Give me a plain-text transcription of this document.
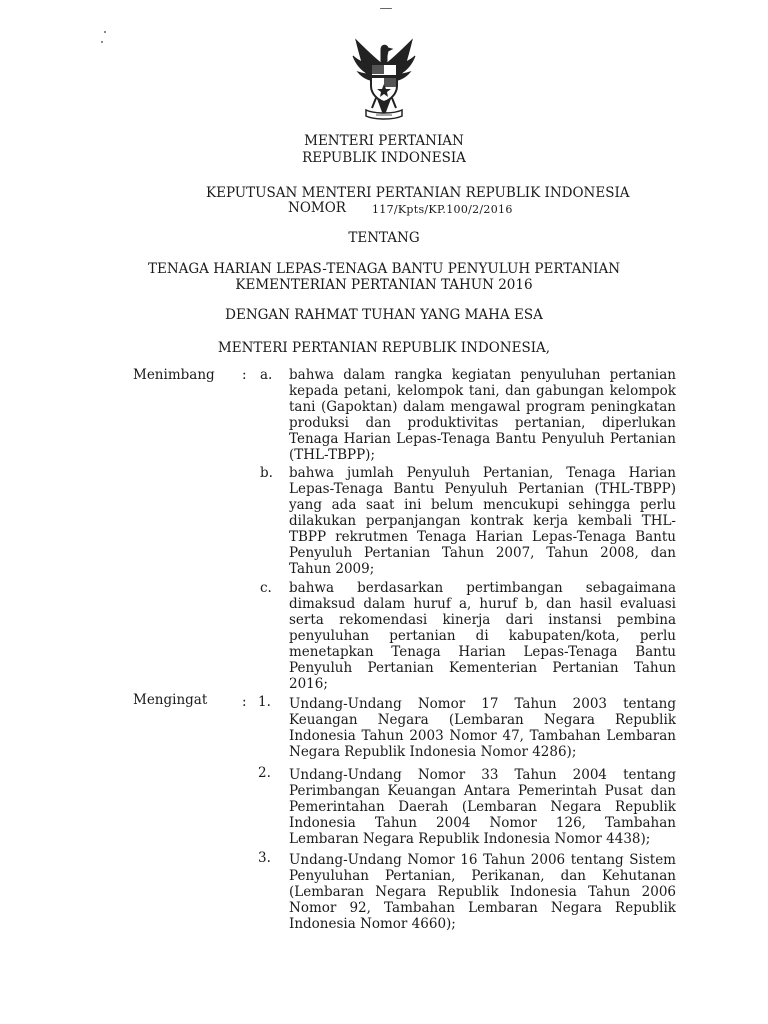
MENTERI PERTANIAN
REPUBLIK INDONESIA
KEPUTUSAN MENTERI PERTANIAN REPUBLIK INDONESIA
NOMOR 117/Kpts/KP.100/2/2016
TENTANG
TENAGA HARIAN LEPAS-TENAGA BANTU PENYULUH PERTANIAN
KEMENTERIAN PERTANIAN TAHUN 2016
DENGAN RAHMAT TUHAN YANG MAHA ESA
MENTERI PERTANIAN REPUBLIK INDONESIA,
Menimbang : a. bahwa dalam rangka kegiatan penyuluhan pertanian
kepada petani, kelompok tani, dan gabungan kelompok
tani (Gapoktan) dalam mengawal program peningkatan
produksi dan produktivitas pertanian, diperlukan
Tenaga Harian Lepas-Tenaga Bantu Penyuluh Pertanian
(THL-TBPP);
b. bahwa jumlah Penyuluh Pertanian, Tenaga Harian
Lepas-Tenaga Bantu Penyuluh Pertanian (THL-TBPP)
yang ada saat ini belum mencukupi sehingga perlu
dilakukan perpanjangan kontrak kerja kembali THL-
TBPP rekrutmen Tenaga Harian Lepas-Tenaga Bantu
Penyuluh Pertanian Tahun 2007, Tahun 2008, dan
Tahun 2009;
c. bahwa berdasarkan pertimbangan sebagaimana
dimaksud dalam huruf a, huruf b, dan hasil evaluasi
serta rekomendasi kinerja dari instansi pembina
penyuluhan pertanian di kabupaten/kota, perlu
menetapkan Tenaga Harian Lepas-Tenaga Bantu
Penyuluh Pertanian Kementerian Pertanian Tahun
2016;
Mengingat	: 1. Undang-Undang Nomor 17 Tahun 2003 tentang
Keuangan Negara (Lembaran Negara Republik
Indonesia Tahun 2003 Nomor 47, Tambahan Lembaran
Negara Republik Indonesia Nomor 4286);
2. Undang-Undang Nomor 33 Tahun 2004 tentang
Perimbangan Keuangan Antara Pemerintah Pusat dan
Pemerintahan Daerah (Lembaran Negara Republik
Indonesia Tahun 2004 Nomor 126, Tambahan
Lembaran Negara Republik Indonesia Nomor 4438);
3. Undang-Undang Nomor 16 Tahun 2006 tentang Sistem
Penyuluhan Pertanian, Perikanan, dan Kehutanan
(Lembaran Negara Republik Indonesia Tahun 2006
Nomor 92, Tambahan Lembaran Negara Republik
Indonesia Nomor 4660);
